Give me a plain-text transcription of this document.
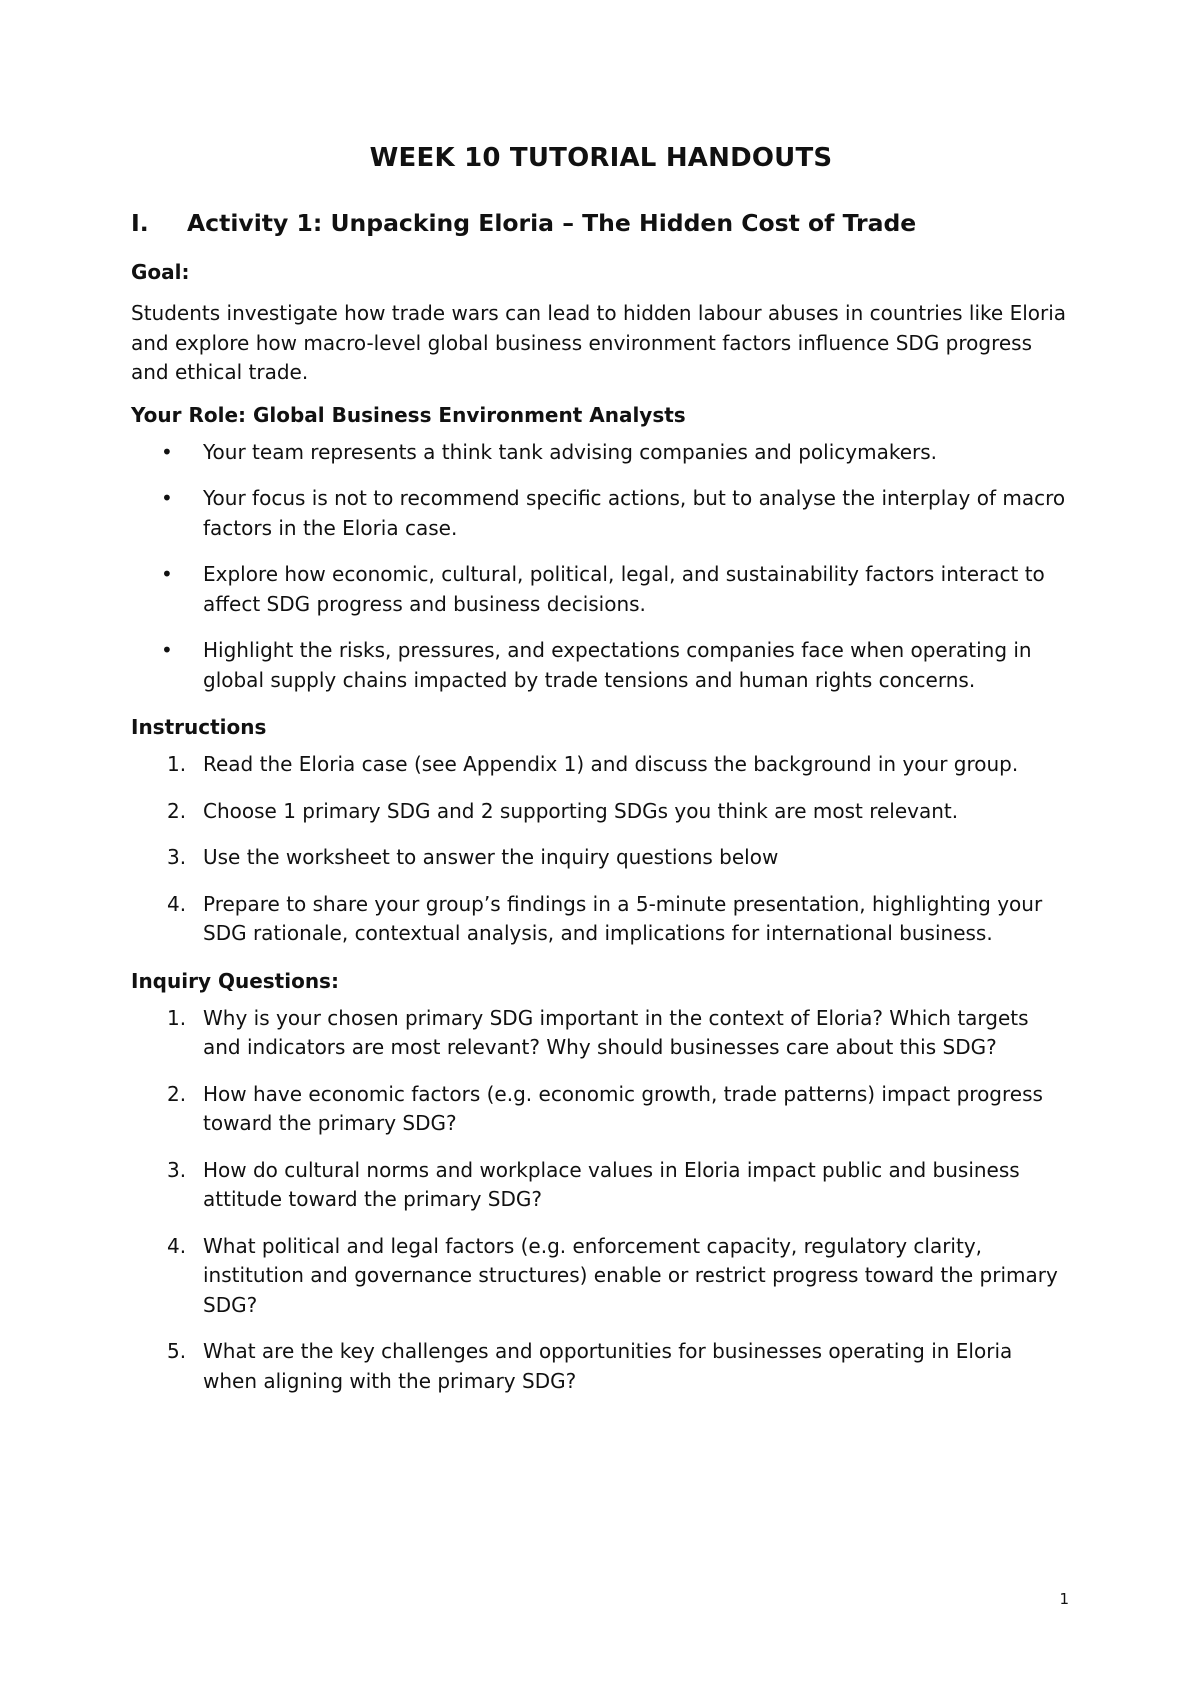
WEEK 10 TUTORIAL HANDOUTS
I.	Activity 1: Unpacking Eloria – The Hidden Cost of Trade

Goal:

Students investigate how trade wars can lead to hidden labour abuses in countries like Eloria and explore how macro-level global business environment factors influence SDG progress and ethical trade.

Your Role: Global Business Environment Analysts

•	Your team represents a think tank advising companies and policymakers.
•	Your focus is not to recommend specific actions, but to analyse the interplay of macro factors in the Eloria case.
•	Explore how economic, cultural, political, legal, and sustainability factors interact to affect SDG progress and business decisions.
•	Highlight the risks, pressures, and expectations companies face when operating in global supply chains impacted by trade tensions and human rights concerns.

Instructions

1. Read the Eloria case (see Appendix 1) and discuss the background in your group.
2. Choose 1 primary SDG and 2 supporting SDGs you think are most relevant.
3. Use the worksheet to answer the inquiry questions below
4. Prepare to share your group’s findings in a 5-minute presentation, highlighting your SDG rationale, contextual analysis, and implications for international business.

Inquiry Questions:

1. Why is your chosen primary SDG important in the context of Eloria? Which targets and indicators are most relevant? Why should businesses care about this SDG?
2. How have economic factors (e.g. economic growth, trade patterns) impact progress toward the primary SDG?
3. How do cultural norms and workplace values in Eloria impact public and business attitude toward the primary SDG?
4. What political and legal factors (e.g. enforcement capacity, regulatory clarity, institution and governance structures) enable or restrict progress toward the primary SDG?
5. What are the key challenges and opportunities for businesses operating in Eloria when aligning with the primary SDG?
1
